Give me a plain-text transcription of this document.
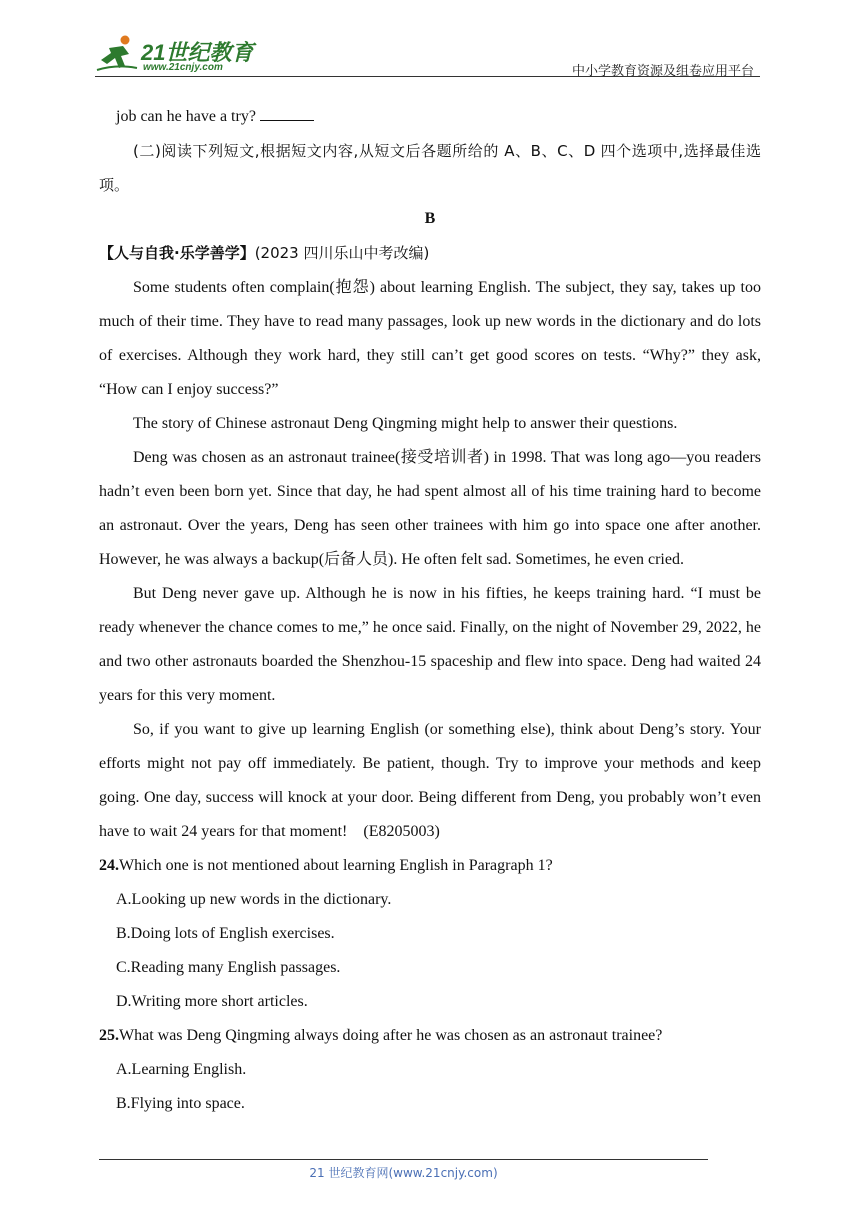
21世纪教育
www.21cnjy.com	中小学教育资源及组卷应用平台

job can he have a try?

(二)阅读下列短文,根据短文内容,从短文后各题所给的 A、B、C、D 四个选项中,选择最佳选项。

B

【人与自我·乐学善学】(2023 四川乐山中考改编)

Some students often complain(抱怨) about learning English. The subject, they say, takes up too much of their time. They have to read many passages, look up new words in the dictionary and do lots of exercises. Although they work hard, they still can’t get good scores on tests. “Why?” they ask, “How can I enjoy success?”

The story of Chinese astronaut Deng Qingming might help to answer their questions.

Deng was chosen as an astronaut trainee(接受培训者) in 1998. That was long ago—you readers hadn’t even been born yet. Since that day, he had spent almost all of his time training hard to become an astronaut. Over the years, Deng has seen other trainees with him go into space one after another. However, he was always a backup(后备人员). He often felt sad. Sometimes, he even cried.

But Deng never gave up. Although he is now in his fifties, he keeps training hard. “I must be ready whenever the chance comes to me,” he once said. Finally, on the night of November 29, 2022, he and two other astronauts boarded the Shenzhou-15 spaceship and flew into space. Deng had waited 24 years for this very moment.

So, if you want to give up learning English (or something else), think about Deng’s story. Your efforts might not pay off immediately. Be patient, though. Try to improve your methods and keep going. One day, success will knock at your door. Being different from Deng, you probably won’t even have to wait 24 years for that moment!　(E8205003)

24.Which one is not mentioned about learning English in Paragraph 1?

A.Looking up new words in the dictionary.

B.Doing lots of English exercises.

C.Reading many English passages.

D.Writing more short articles.

25.What was Deng Qingming always doing after he was chosen as an astronaut trainee?

A.Learning English.

B.Flying into space.

21 世纪教育网(www.21cnjy.com)
